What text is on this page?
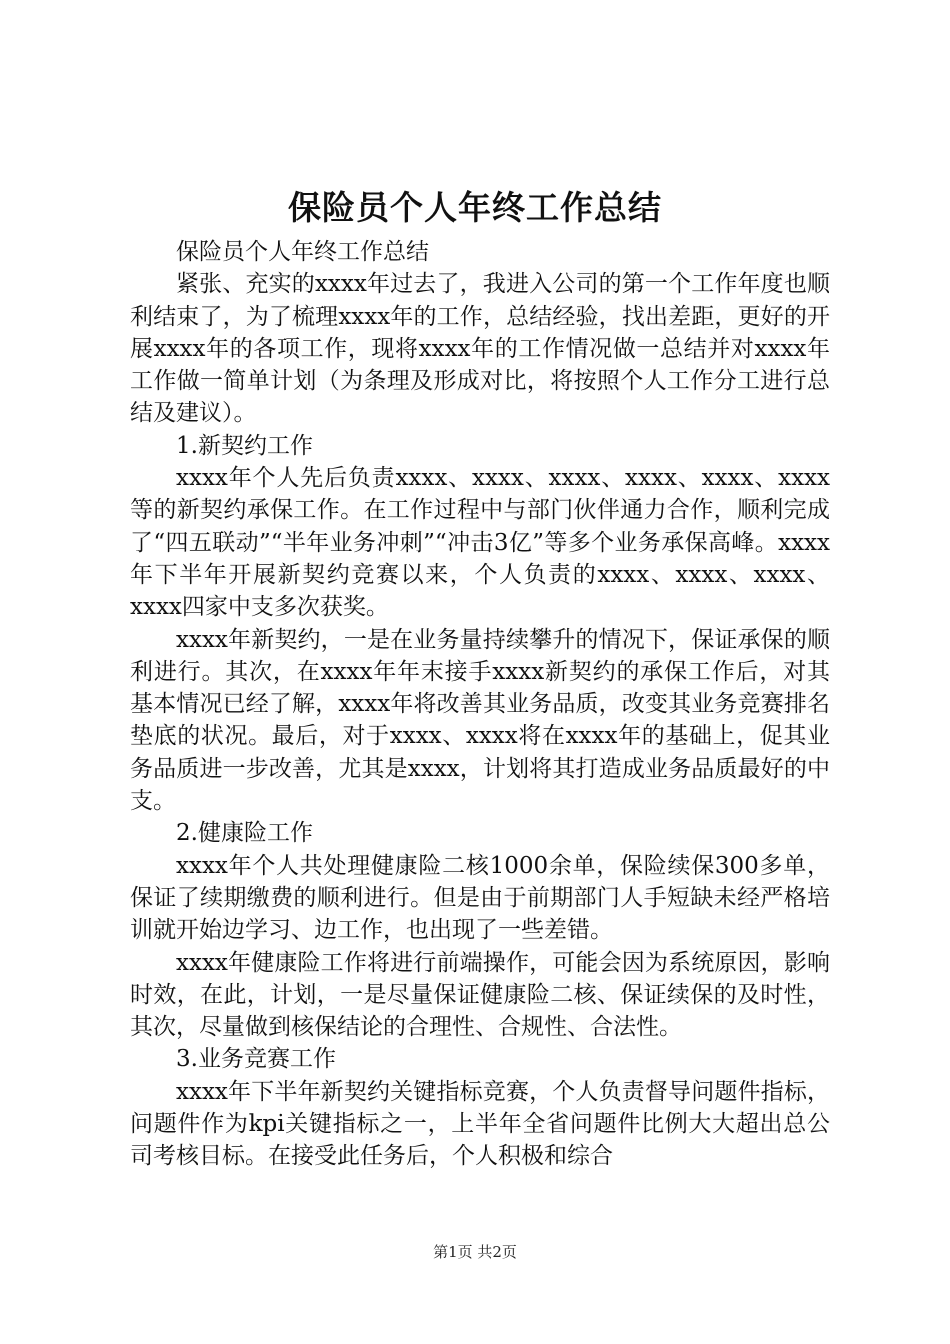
保险员个人年终工作总结

保险员个人年终工作总结

紧张、充实的xxxx年过去了，我进入公司的第一个工作年度也顺利结束了，为了梳理xxxx年的工作，总结经验，找出差距，更好的开展xxxx年的各项工作，现将xxxx年的工作情况做一总结并对xxxx年工作做一简单计划（为条理及形成对比，将按照个人工作分工进行总结及建议）。

1.新契约工作

xxxx年个人先后负责xxxx、xxxx、xxxx、xxxx、xxxx、xxxx等的新契约承保工作。在工作过程中与部门伙伴通力合作，顺利完成了“四五联动”“半年业务冲刺”“冲击3亿”等多个业务承保高峰。xxxx年下半年开展新契约竞赛以来，个人负责的xxxx、xxxx、xxxx、xxxx四家中支多次获奖。

xxxx年新契约，一是在业务量持续攀升的情况下，保证承保的顺利进行。其次，在xxxx年年末接手xxxx新契约的承保工作后，对其基本情况已经了解，xxxx年将改善其业务品质，改变其业务竞赛排名垫底的状况。最后，对于xxxx、xxxx将在xxxx年的基础上，促其业务品质进一步改善，尤其是xxxx，计划将其打造成业务品质最好的中支。

2.健康险工作

xxxx年个人共处理健康险二核1000余单，保险续保300多单，保证了续期缴费的顺利进行。但是由于前期部门人手短缺未经严格培训就开始边学习、边工作，也出现了一些差错。

xxxx年健康险工作将进行前端操作，可能会因为系统原因，影响时效，在此，计划，一是尽量保证健康险二核、保证续保的及时性，其次，尽量做到核保结论的合理性、合规性、合法性。

3.业务竞赛工作

xxxx年下半年新契约关键指标竞赛，个人负责督导问题件指标，问题件作为kpi关键指标之一，上半年全省问题件比例大大超出总公司考核目标。在接受此任务后，个人积极和综合

第1页 共2页
